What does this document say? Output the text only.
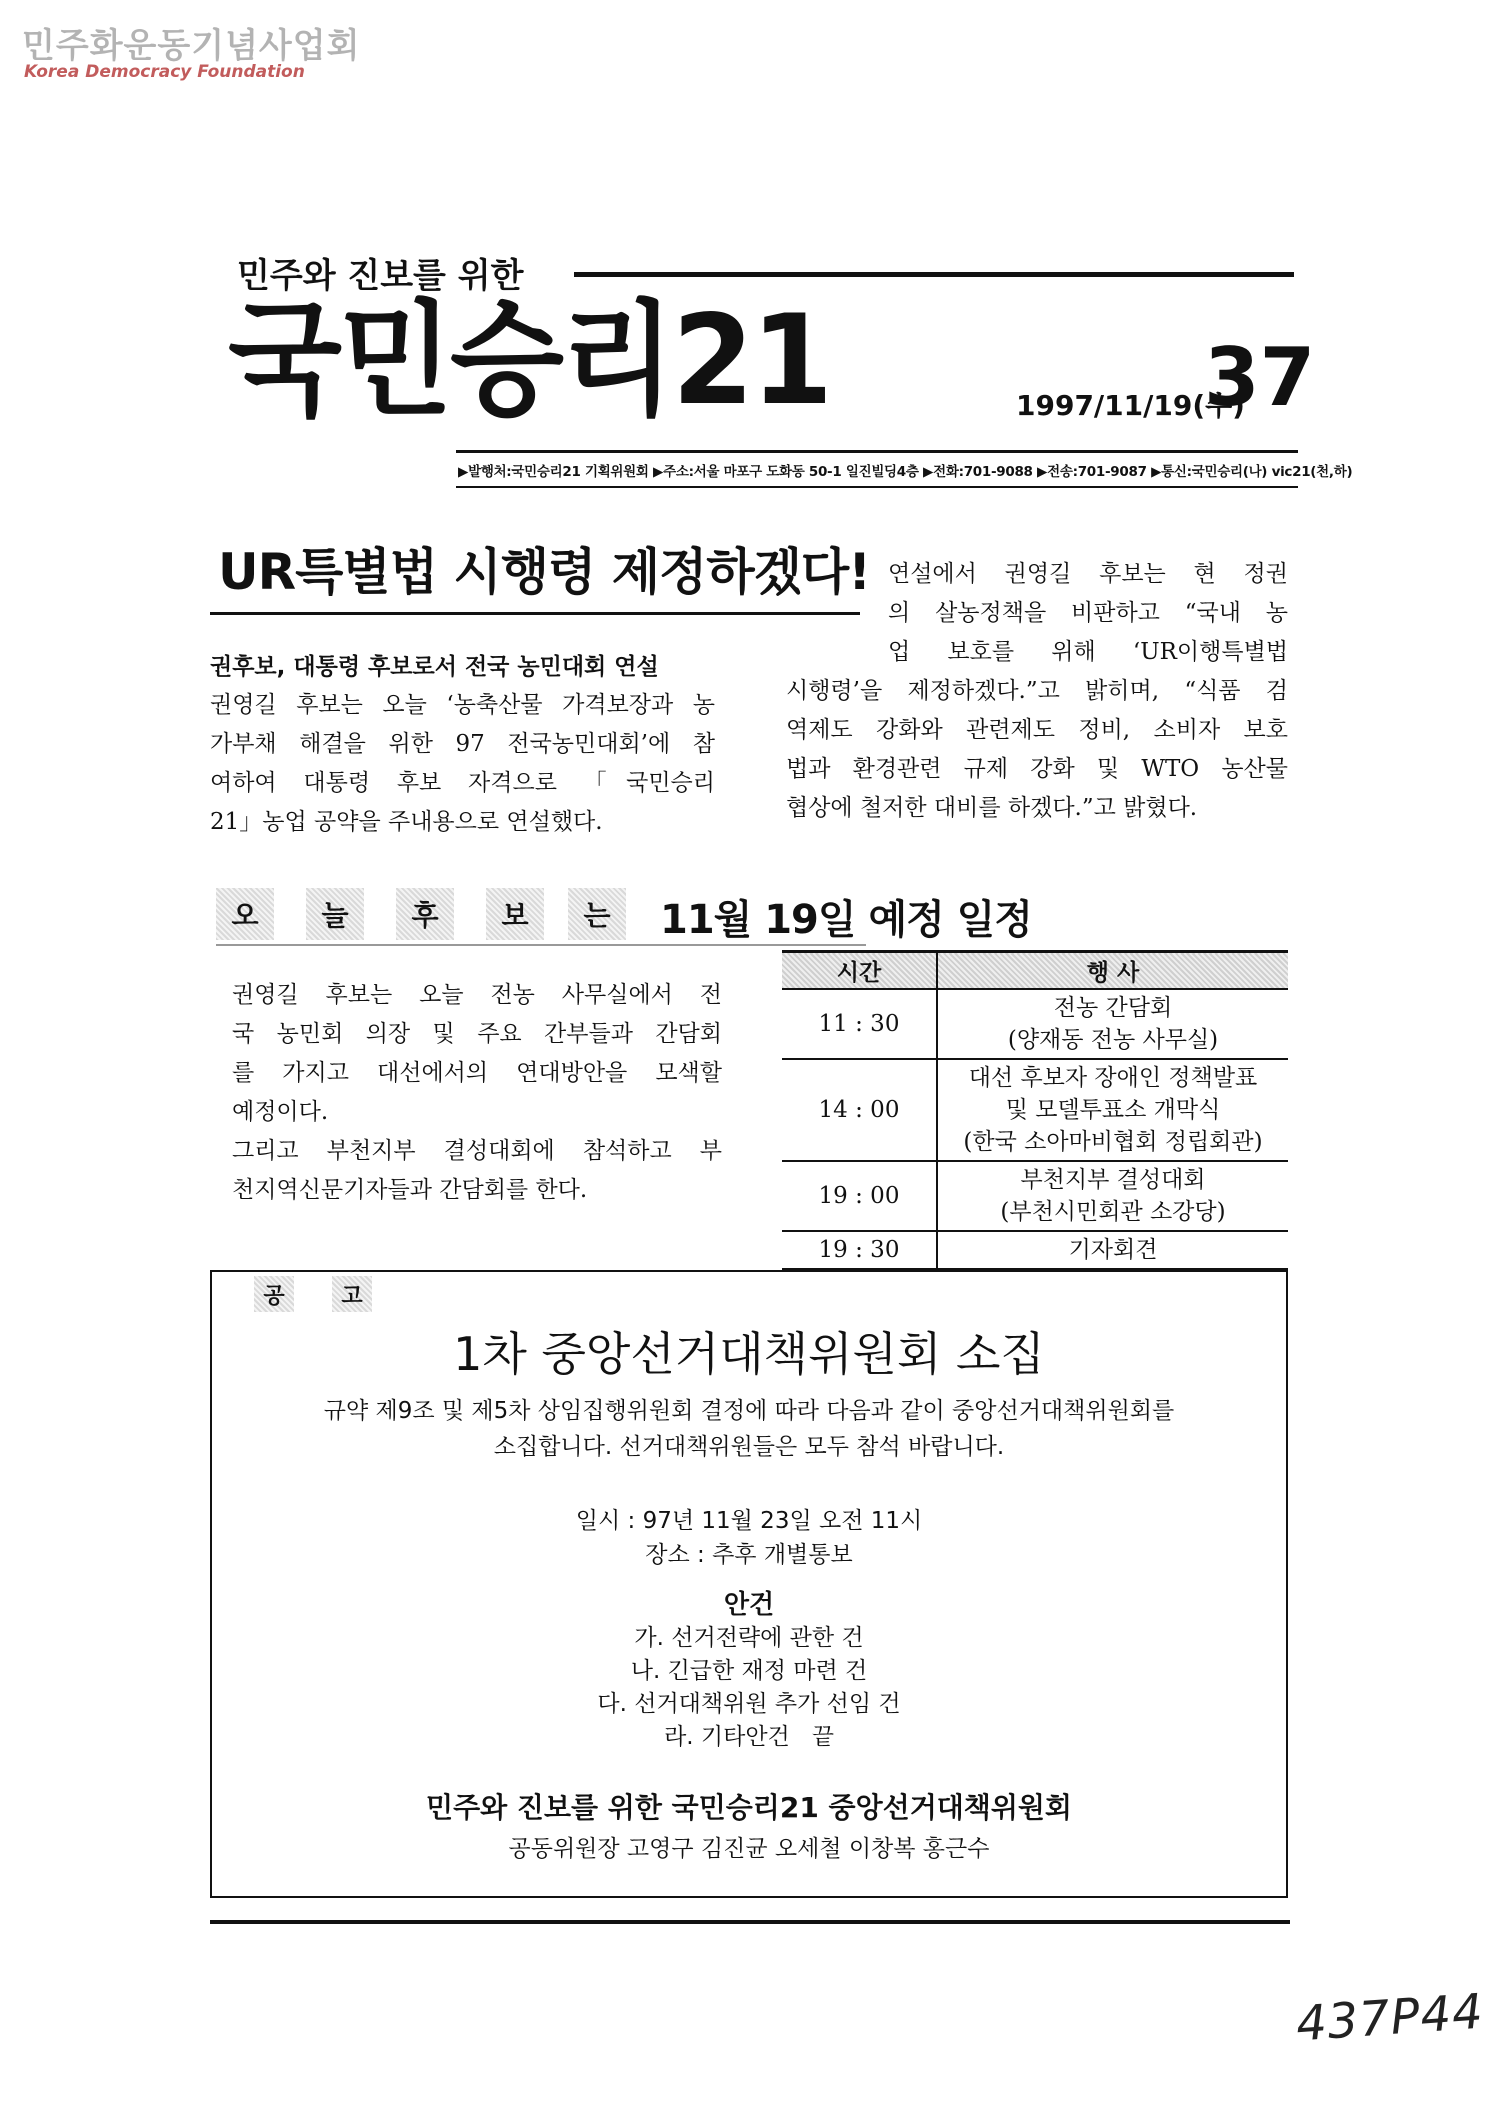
민주화운동기념사업회
Korea Democracy Foundation
민주와 진보를 위한
국민승리21	1997/11/19(수)
37
▶발행처:국민승리21 기획위원회 ▶주소:서울 마포구 도화동 50-1 일진빌딩4층 ▶전화:701-9088 ▶전송:701-9087 ▶통신:국민승리(나) vic21(천,하)
UR특별법 시행령 제정하겠다!
권후보, 대통령 후보로서 전국 농민대회 연설
권영길 후보는 오늘 ‘농축산물 가격보장과 농
가부채 해결을 위한 97 전국농민대회’에 참
여하여 대통령 후보 자격으로 「국민승리
21」농업 공약을 주내용으로 연설했다.
연설에서 권영길 후보는 현 정권
의 살농정책을 비판하고 “국내 농
업 보호를 위해 ‘UR이행특별법
시행령’을 제정하겠다.”고 밝히며, “식품 검
역제도 강화와 관련제도 정비, 소비자 보호
법과 환경관련 규제 강화 및 WTO 농산물
협상에 철저한 대비를 하겠다.”고 밝혔다.
오	늘	후	보	는	11월 19일 예정 일정
권영길 후보는 오늘 전농 사무실에서 전
국 농민회 의장 및 주요 간부들과 간담회
를 가지고 대선에서의 연대방안을 모색할
예정이다.
그리고 부천지부 결성대회에 참석하고 부
천지역신문기자들과 간담회를 한다.
시간	행 사
11 : 30	전농 간담회
(양재동 전농 사무실)

14 : 00	대선 후보자 장애인 정책발표
및 모델투표소 개막식
(한국 소아마비협회 정립회관)

19 : 00	부천지부 결성대회
(부천시민회관 소강당)

19 : 30	기자회견
공	고
1차 중앙선거대책위원회 소집
규약 제9조 및 제5차 상임집행위원회 결정에 따라 다음과 같이 중앙선거대책위원회를
소집합니다. 선거대책위원들은 모두 참석 바랍니다.
일시 : 97년 11월 23일 오전 11시
장소 : 추후 개별통보
안건
가. 선거전략에 관한 건
나. 긴급한 재정 마련 건
다. 선거대책위원 추가 선임 건
라. 기타안건   끝
민주와 진보를 위한 국민승리21 중앙선거대책위원회
공동위원장 고영구 김진균 오세철 이창복 홍근수
437P44
